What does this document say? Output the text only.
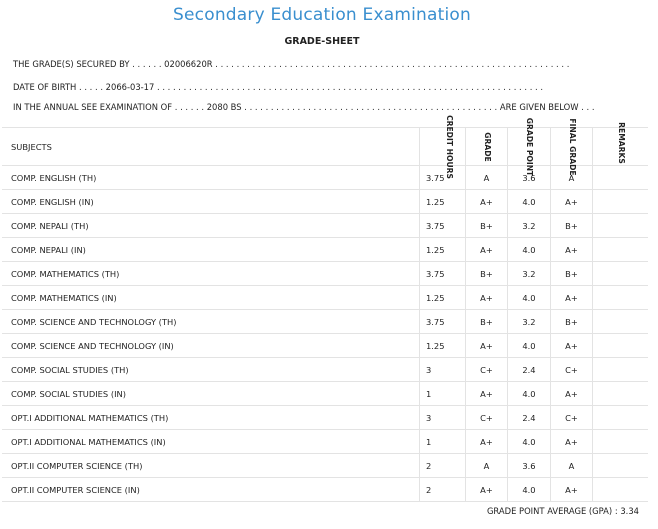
Secondary Education Examination
GRADE-SHEET
THE GRADE(S) SECURED BY . . . . . . 02006620R . . . . . . . . . . . . . . . . . . . . . . . . . . . . . . . . . . . . . . . . . . . . . . . . . . . . . . . . . . . . . . . . . . .
DATE OF BIRTH . . . . . 2066-03-17 . . . . . . . . . . . . . . . . . . . . . . . . . . . . . . . . . . . . . . . . . . . . . . . . . . . . . . . . . . . . . . . . . . . . . . . . .
IN THE ANNUAL SEE EXAMINATION OF . . . . . . 2080 BS . . . . . . . . . . . . . . . . . . . . . . . . . . . . . . . . . . . . . . . . . . . . . . . . ARE GIVEN BELOW . . .
SUBJECTS	CREDIT HOURS	GRADE	GRADE POINT	FINAL GRADE	REMARKS
COMP. ENGLISH (TH)	3.75	A	3.6	A
COMP. ENGLISH (IN)	1.25	A+	4.0	A+
COMP. NEPALI (TH)	3.75	B+	3.2	B+
COMP. NEPALI (IN)	1.25	A+	4.0	A+
COMP. MATHEMATICS (TH)	3.75	B+	3.2	B+
COMP. MATHEMATICS (IN)	1.25	A+	4.0	A+
COMP. SCIENCE AND TECHNOLOGY (TH)	3.75	B+	3.2	B+
COMP. SCIENCE AND TECHNOLOGY (IN)	1.25	A+	4.0	A+
COMP. SOCIAL STUDIES (TH)	3	C+	2.4	C+
COMP. SOCIAL STUDIES (IN)	1	A+	4.0	A+
OPT.I ADDITIONAL MATHEMATICS (TH)	3	C+	2.4	C+
OPT.I ADDITIONAL MATHEMATICS (IN)	1	A+	4.0	A+
OPT.II COMPUTER SCIENCE (TH)	2	A	3.6	A
OPT.II COMPUTER SCIENCE (IN)	2	A+	4.0	A+
GRADE POINT AVERAGE (GPA) : 3.34
